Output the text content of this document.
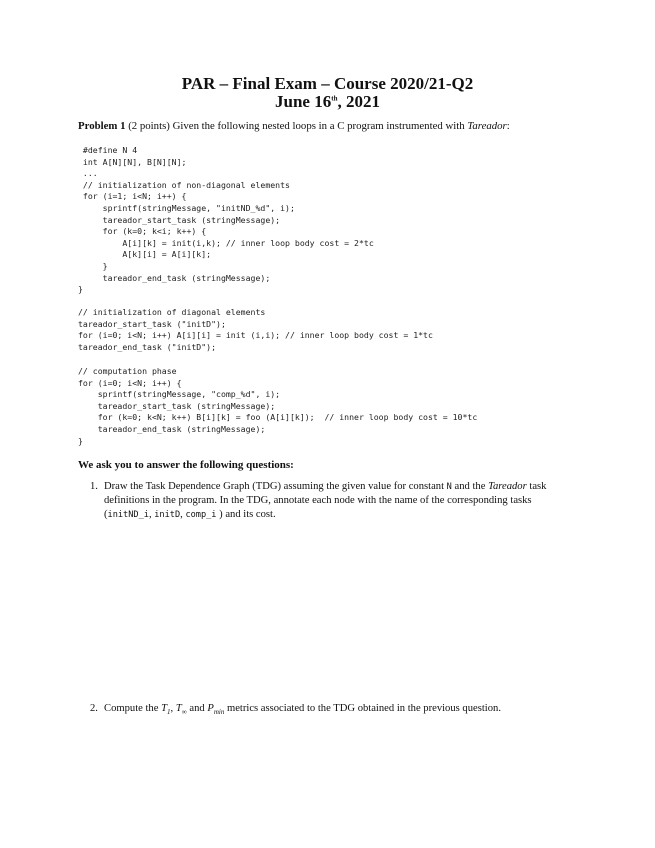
PAR – Final Exam – Course 2020/21-Q2
June 16th, 2021
Problem 1 (2 points) Given the following nested loops in a C program instrumented with Tareador:
#define N 4
int A[N][N], B[N][N];
...
// initialization of non-diagonal elements
for (i=1; i<N; i++) {
sprintf(stringMessage, "initND_%d", i);
tareador_start_task (stringMessage);
for (k=0; k<i; k++) {
A[i][k] = init(i,k); // inner loop body cost = 2*tc
A[k][i] = A[i][k];
}
tareador_end_task (stringMessage);
}
// initialization of diagonal elements
tareador_start_task ("initD");
for (i=0; i<N; i++) A[i][i] = init (i,i); // inner loop body cost = 1*tc
tareador_end_task ("initD");
// computation phase
for (i=0; i<N; i++) {
sprintf(stringMessage, "comp_%d", i);
tareador_start_task (stringMessage);
for (k=0; k<N; k++) B[i][k] = foo (A[i][k]);  // inner loop body cost = 10*tc
tareador_end_task (stringMessage);
}
We ask you to answer the following questions:
1. Draw the Task Dependence Graph (TDG) assuming the given value for constant N and the Tareador task definitions in the program. In the TDG, annotate each node with the name of the corresponding tasks (initND_i, initD, comp_i ) and its cost.
2. Compute the $T_1$, $T_\infty$ and $P_{min}$ metrics associated to the TDG obtained in the previous question.
